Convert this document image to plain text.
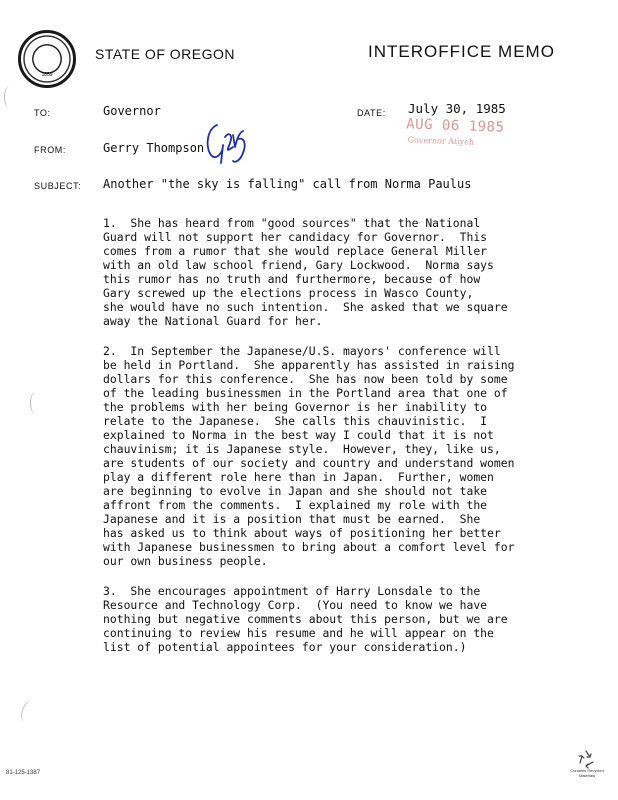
1859
STATE OF OREGON	INTEROFFICE MEMO
TO:	Governor	DATE: July 30, 1985
AUG 06 1985
Governor Atiyeh
FROM:	Gerry Thompson
SUBJECT: Another "the sky is falling" call from Norma Paulus
1.  She has heard from "good sources" that the National
Guard will not support her candidacy for Governor.  This
comes from a rumor that she would replace General Miller
with an old law school friend, Gary Lockwood.  Norma says
this rumor has no truth and furthermore, because of how
Gary screwed up the elections process in Wasco County,
she would have no such intention.  She asked that we square
away the National Guard for her.
2.  In September the Japanese/U.S. mayors' conference will
be held in Portland.  She apparently has assisted in raising
dollars for this conference.  She has now been told by some
of the leading businessmen in the Portland area that one of
the problems with her being Governor is her inability to
relate to the Japanese.  She calls this chauvinistic.  I
explained to Norma in the best way I could that it is not
chauvinism; it is Japanese style.  However, they, like us,
are students of our society and country and understand women
play a different role here than in Japan.  Further, women
are beginning to evolve in Japan and she should not take
affront from the comments.  I explained my role with the
Japanese and it is a position that must be earned.  She
has asked us to think about ways of positioning her better
with Japanese businessmen to bring about a comfort level for
our own business people.
3.  She encourages appointment of Harry Lonsdale to the
Resource and Technology Corp.  (You need to know we have
nothing but negative comments about this person, but we are
continuing to review his resume and he will appear on the
list of potential appointees for your consideration.)
81-125-1387	Contains Recycled Materials
